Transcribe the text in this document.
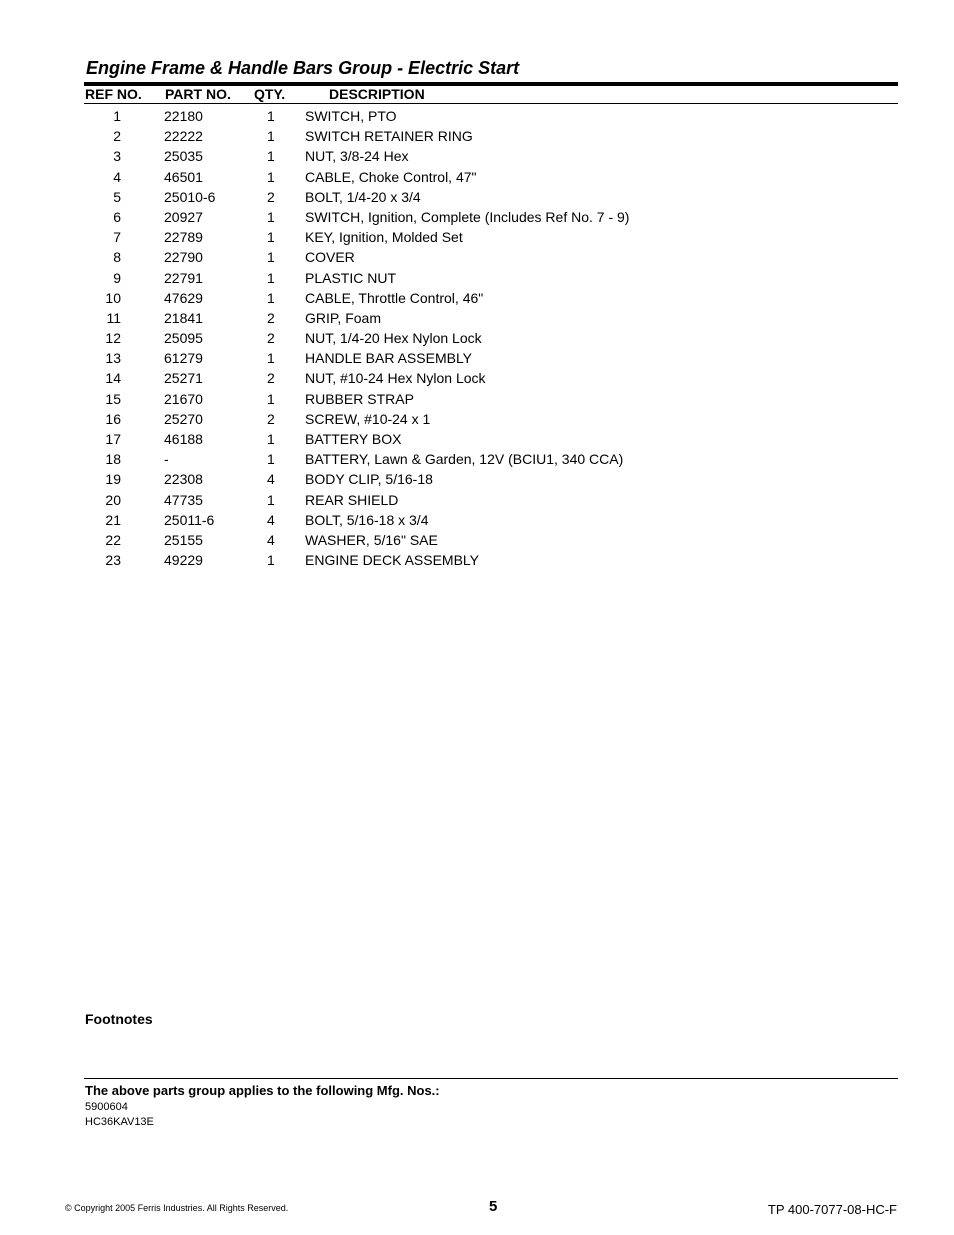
Engine Frame & Handle Bars Group - Electric Start
REF NO. PART NO. QTY.	DESCRIPTION
1	22180	1 SWITCH, PTO
2	22222	1 SWITCH RETAINER RING
3	25035	1 NUT, 3/8-24 Hex
4	46501	1 CABLE, Choke Control, 47"
5	25010-6	2 BOLT, 1/4-20 x 3/4
6	20927	1 SWITCH, Ignition, Complete (Includes Ref No. 7 - 9)
7	22789	1 KEY, Ignition, Molded Set
8	22790	1 COVER
9	22791	1 PLASTIC NUT
10	47629	1 CABLE, Throttle Control, 46"
11	21841	2 GRIP, Foam
12	25095	2 NUT, 1/4-20 Hex Nylon Lock
13	61279	1 HANDLE BAR ASSEMBLY
14	25271	2 NUT, #10-24 Hex Nylon Lock
15	21670	1 RUBBER STRAP
16	25270	2 SCREW, #10-24 x 1
17	46188	1 BATTERY BOX
18	-	1 BATTERY, Lawn & Garden, 12V (BCIU1, 340 CCA)
19	22308	4 BODY CLIP, 5/16-18
20	47735	1 REAR SHIELD
21	25011-6	4 BOLT, 5/16-18 x 3/4
22	25155	4 WASHER, 5/16" SAE
23	49229	1 ENGINE DECK ASSEMBLY
Footnotes
The above parts group applies to the following Mfg. Nos.:
5900604
HC36KAV13E
© Copyright 2005 Ferris Industries. All Rights Reserved.	5	TP 400-7077-08-HC-F
